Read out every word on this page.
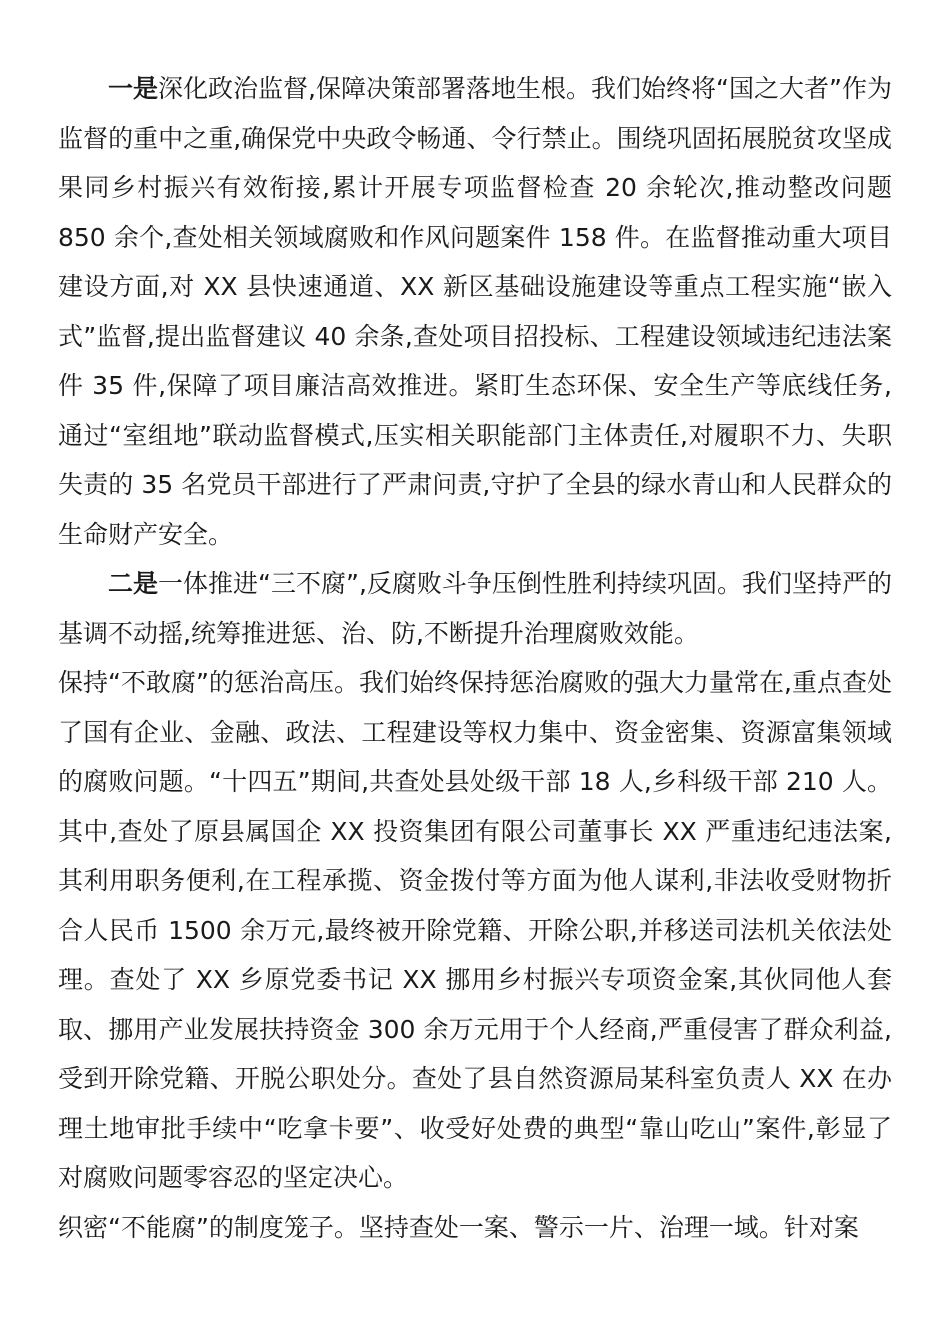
一是深化政治监督,保障决策部署落地生根。我们始终将“国之大者”作为监督的重中之重,确保党中央政令畅通、令行禁止。围绕巩固拓展脱贫攻坚成果同乡村振兴有效衔接,累计开展专项监督检查 20 余轮次,推动整改问题 850 余个,查处相关领域腐败和作风问题案件 158 件。在监督推动重大项目建设方面,对 XX 县快速通道、XX 新区基础设施建设等重点工程实施“嵌入式”监督,提出监督建议 40 余条,查处项目招投标、工程建设领域违纪违法案件 35 件,保障了项目廉洁高效推进。紧盯生态环保、安全生产等底线任务,通过“室组地”联动监督模式,压实相关职能部门主体责任,对履职不力、失职失责的 35 名党员干部进行了严肃问责,守护了全县的绿水青山和人民群众的生命财产安全。

二是一体推进“三不腐”,反腐败斗争压倒性胜利持续巩固。我们坚持严的基调不动摇,统筹推进惩、治、防,不断提升治理腐败效能。

保持“不敢腐”的惩治高压。我们始终保持惩治腐败的强大力量常在,重点查处了国有企业、金融、政法、工程建设等权力集中、资金密集、资源富集领域的腐败问题。“十四五”期间,共查处县处级干部 18 人,乡科级干部 210 人。其中,查处了原县属国企 XX 投资集团有限公司董事长 XX 严重违纪违法案,其利用职务便利,在工程承揽、资金拨付等方面为他人谋利,非法收受财物折合人民币 1500 余万元,最终被开除党籍、开除公职,并移送司法机关依法处理。查处了 XX 乡原党委书记 XX 挪用乡村振兴专项资金案,其伙同他人套取、挪用产业发展扶持资金 300 余万元用于个人经商,严重侵害了群众利益,受到开除党籍、开脱公职处分。查处了县自然资源局某科室负责人 XX 在办理土地审批手续中“吃拿卡要”、收受好处费的典型“靠山吃山”案件,彰显了对腐败问题零容忍的坚定决心。

织密“不能腐”的制度笼子。坚持查处一案、警示一片、治理一域。针对案
